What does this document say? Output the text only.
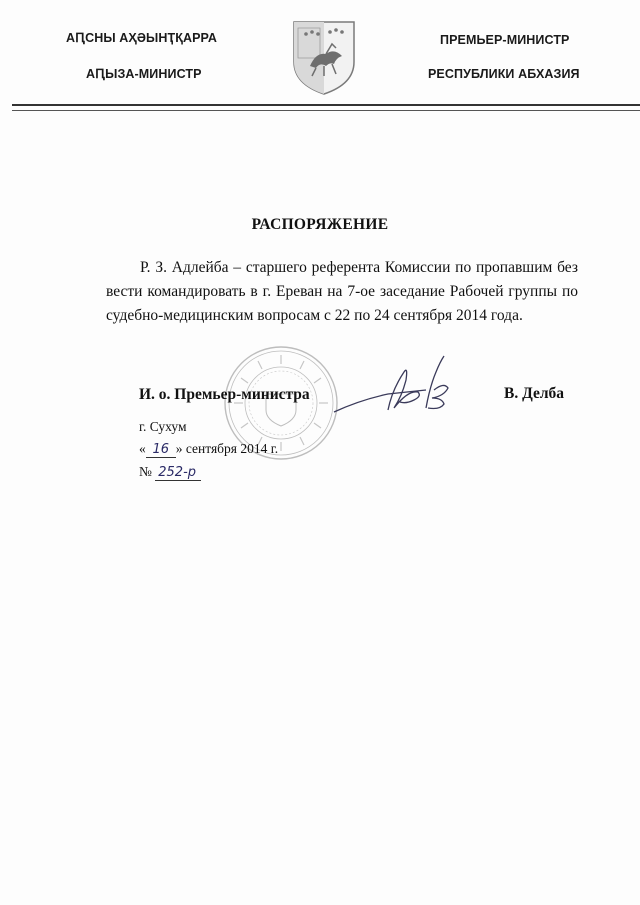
АԤСНЫ АҲӘЫНҬҚАРРА
АԤЫЗА-МИНИСТР
ПРЕМЬЕР-МИНИСТР
РЕСПУБЛИКИ АБХАЗИЯ
РАСПОРЯЖЕНИЕ
Р. З. Адлейба – старшего референта Комиссии по пропавшим без вести командировать в г. Ереван на 7-ое заседание Рабочей группы по судебно-медицинским вопросам с 22 по 24 сентября 2014 года.
И. о. Премьер-министра	В. Делба
г. Сухум
« 16 » сентября 2014 г.
№ 252-р
